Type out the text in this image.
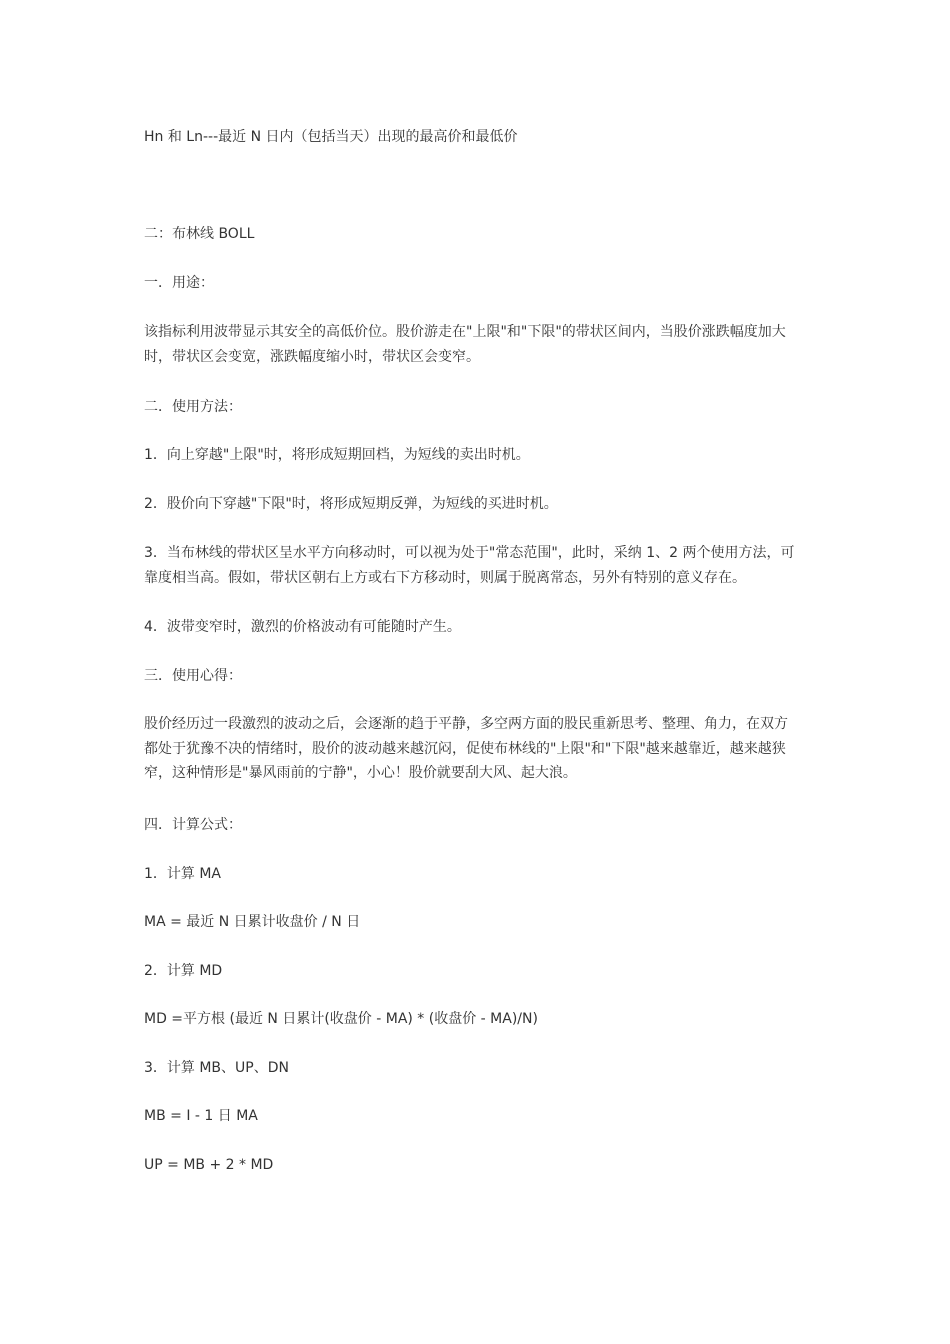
Hn 和 Ln---最近 N 日内（包括当天）出现的最高价和最低价
二：布林线 BOLL
一．用途：
该指标利用波带显示其安全的高低价位。股价游走在"上限"和"下限"的带状区间内，当股价涨跌幅度加大
时，带状区会变宽，涨跌幅度缩小时，带状区会变窄。
二．使用方法：
1．向上穿越"上限"时，将形成短期回档，为短线的卖出时机。
2．股价向下穿越"下限"时，将形成短期反弹，为短线的买进时机。
3．当布林线的带状区呈水平方向移动时，可以视为处于"常态范围"，此时，采纳 1、2 两个使用方法，可
靠度相当高。假如，带状区朝右上方或右下方移动时，则属于脱离常态，另外有特别的意义存在。
4．波带变窄时，激烈的价格波动有可能随时产生。
三．使用心得：
股价经历过一段激烈的波动之后，会逐渐的趋于平静，多空两方面的股民重新思考、整理、角力，在双方
都处于犹豫不决的情绪时，股价的波动越来越沉闷，促使布林线的"上限"和"下限"越来越靠近，越来越狭
窄，这种情形是"暴风雨前的宁静"，小心！股价就要刮大风、起大浪。
四．计算公式：
1．计算 MA
MA = 最近 N 日累计收盘价 / N 日
2．计算 MD
MD =平方根 (最近 N 日累计(收盘价 - MA) * (收盘价 - MA)/N)
3．计算 MB、UP、DN
MB = I - 1 日 MA
UP = MB + 2 * MD
